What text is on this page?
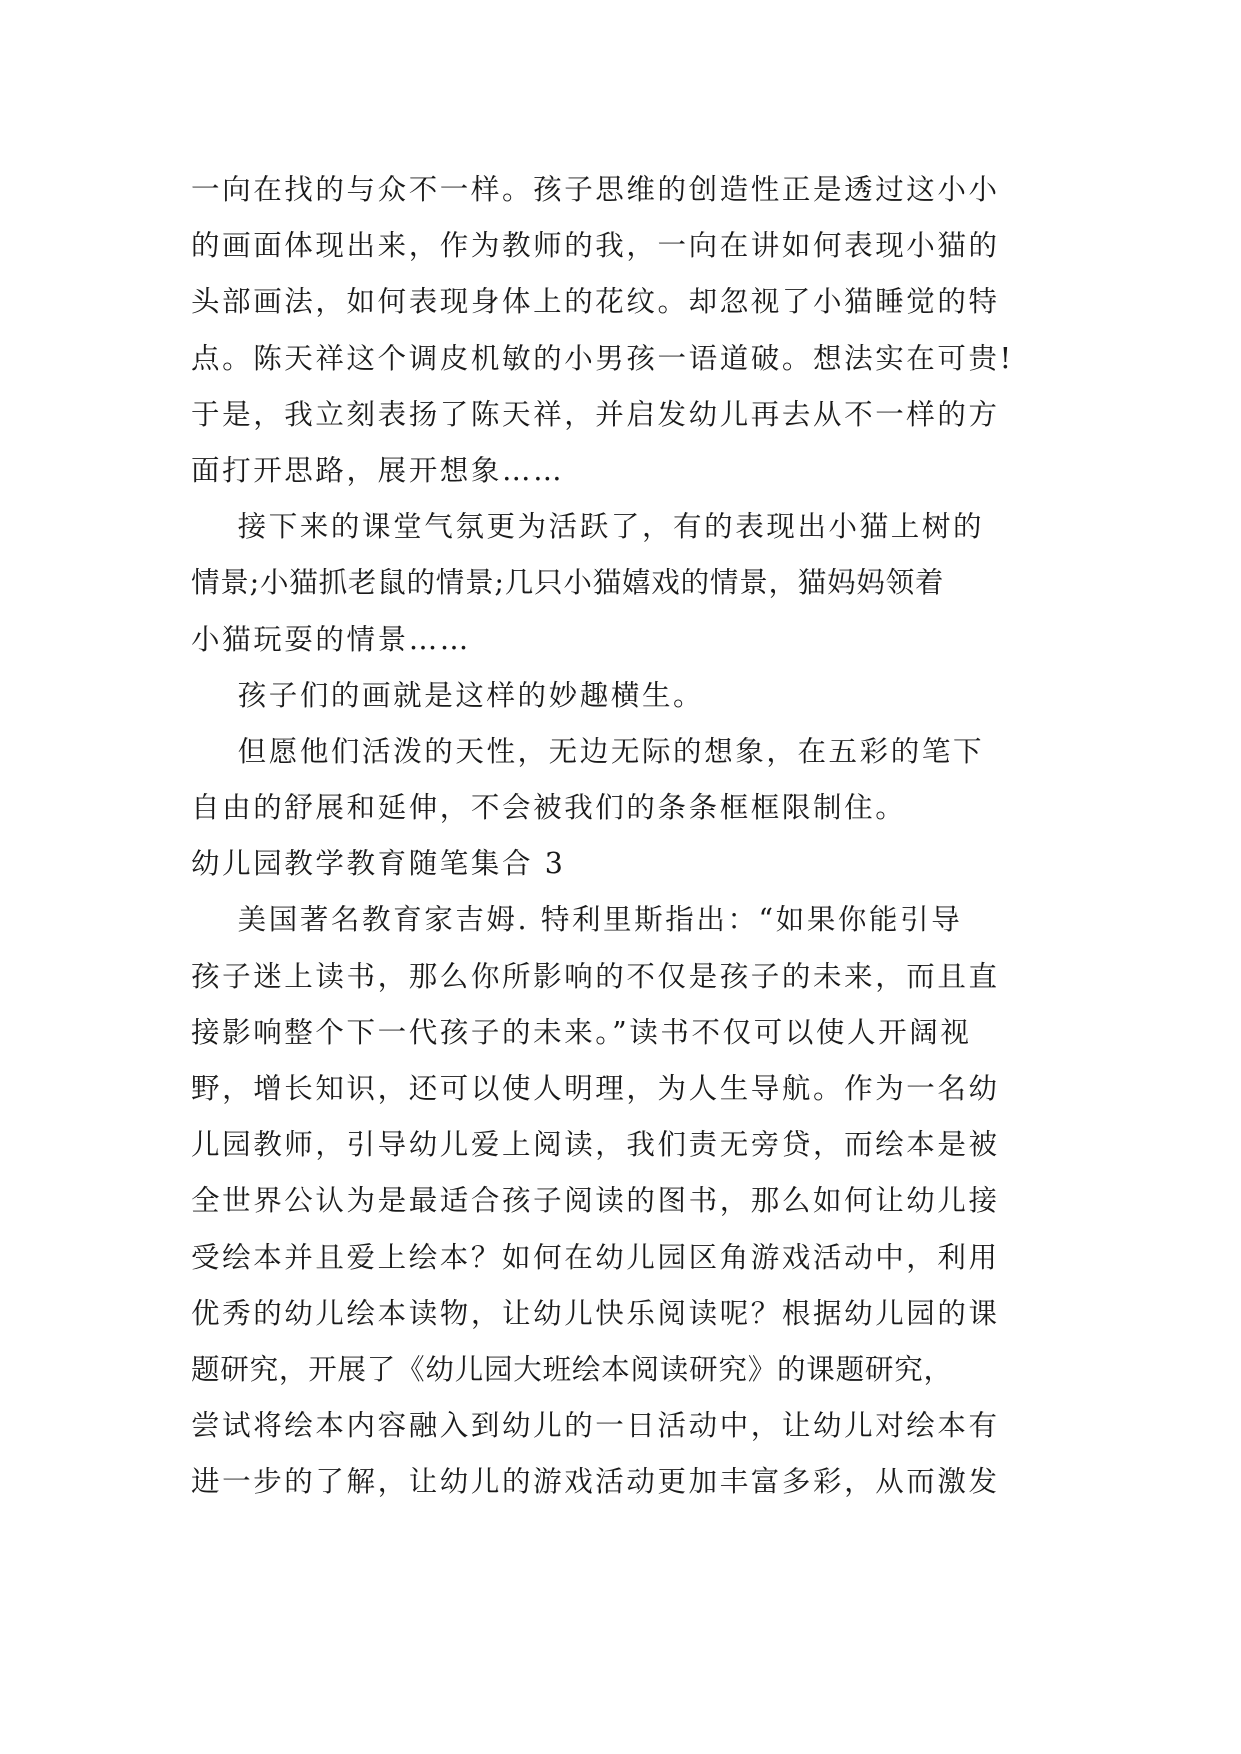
一向在找的与众不一样。孩子思维的创造性正是透过这小小
的画面体现出来，作为教师的我，一向在讲如何表现小猫的
头部画法，如何表现身体上的花纹。却忽视了小猫睡觉的特
点。陈天祥这个调皮机敏的小男孩一语道破。想法实在可贵!
于是，我立刻表扬了陈天祥，并启发幼儿再去从不一样的方
面打开思路，展开想象……
接下来的课堂气氛更为活跃了，有的表现出小猫上树的
情景;小猫抓老鼠的情景;几只小猫嬉戏的情景，猫妈妈领着
小猫玩耍的情景……
孩子们的画就是这样的妙趣横生。
但愿他们活泼的天性，无边无际的想象，在五彩的笔下
自由的舒展和延伸，不会被我们的条条框框限制住。
幼儿园教学教育随笔集合 3
美国著名教育家吉姆. 特利里斯指出：“如果你能引导
孩子迷上读书，那么你所影响的不仅是孩子的未来，而且直
接影响整个下一代孩子的未来。”读书不仅可以使人开阔视
野，增长知识，还可以使人明理，为人生导航。作为一名幼
儿园教师，引导幼儿爱上阅读，我们责无旁贷，而绘本是被
全世界公认为是最适合孩子阅读的图书，那么如何让幼儿接
受绘本并且爱上绘本？如何在幼儿园区角游戏活动中，利用
优秀的幼儿绘本读物，让幼儿快乐阅读呢？根据幼儿园的课
题研究，开展了《幼儿园大班绘本阅读研究》的课题研究，
尝试将绘本内容融入到幼儿的一日活动中，让幼儿对绘本有
进一步的了解，让幼儿的游戏活动更加丰富多彩，从而激发
